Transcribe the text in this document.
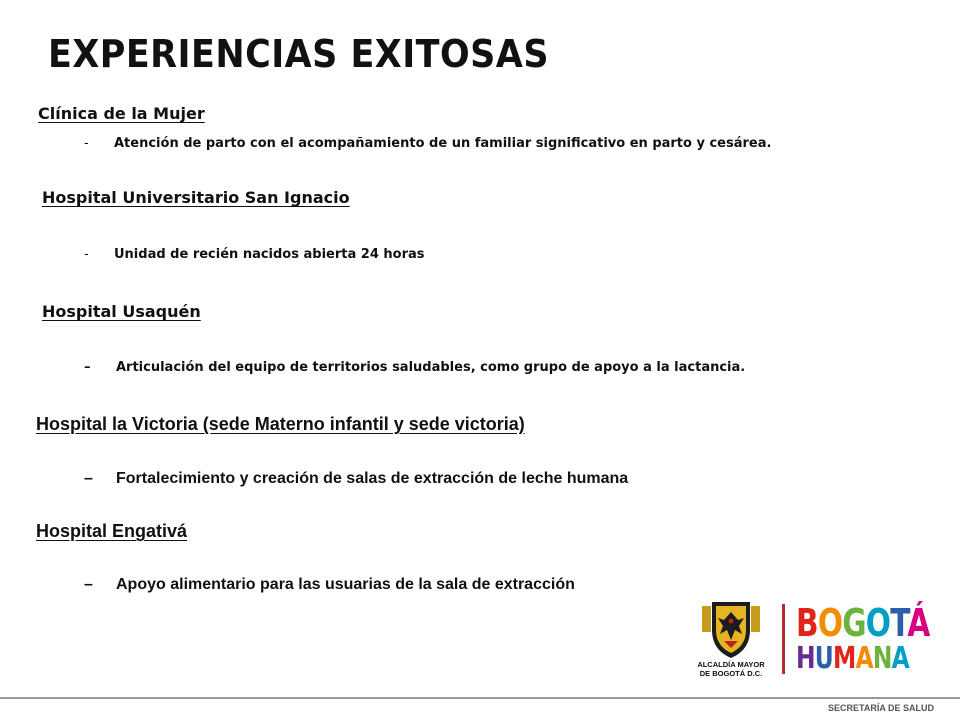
EXPERIENCIAS EXITOSAS
Clínica de la Mujer

-	Atención de parto con el acompañamiento de un familiar significativo en parto y cesárea.

Hospital Universitario San Ignacio

-	Unidad de recién nacidos abierta 24 horas

Hospital Usaquén

–	Articulación del equipo de territorios saludables, como grupo de apoyo a la lactancia.

Hospital la Victoria (sede Materno infantil y sede victoria)

–	Fortalecimiento y creación de salas de extracción de leche humana

Hospital Engativá

–	Apoyo alimentario para las usuarias de la sala de extracción

ALCALDÍA MAYOR
DE BOGOTÁ D.C.
BOGOTÁ
HUMANA
SECRETARÍA DE SALUD
